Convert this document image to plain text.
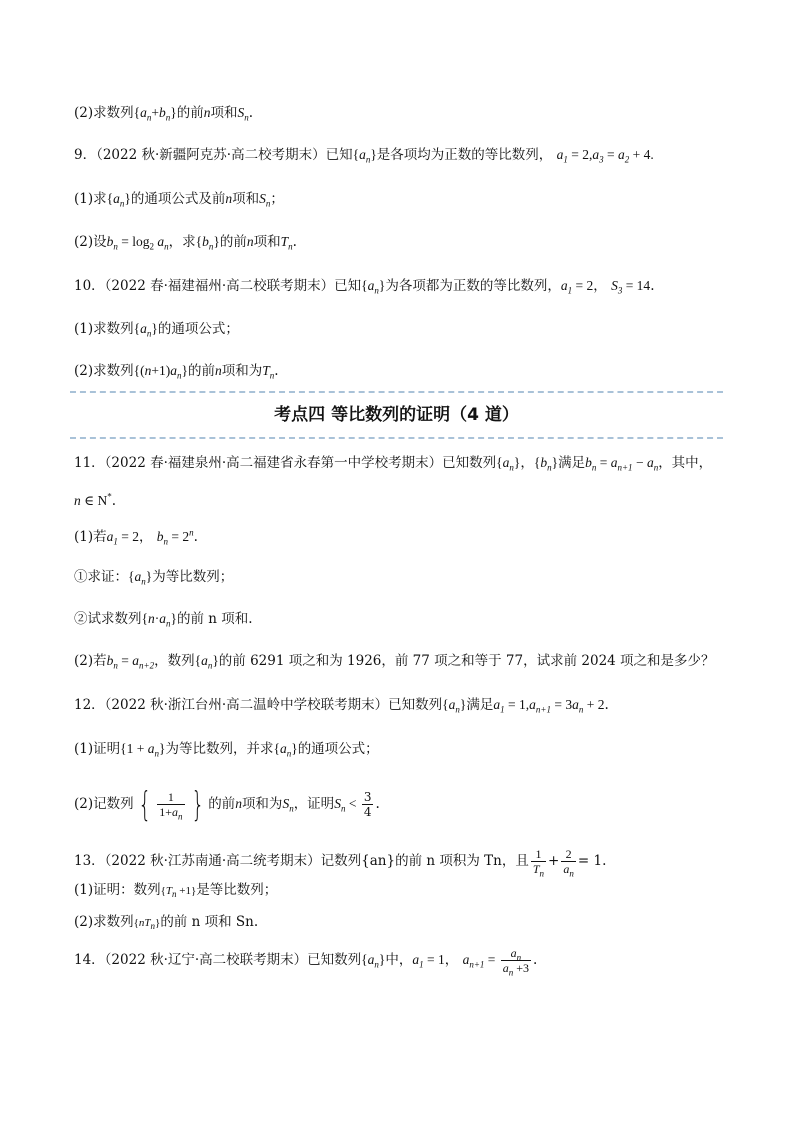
(2)求数列$\{a_n+b_n\}$的前n项和$S_n$.
9．（2022 秋·新疆阿克苏·高二校考期末）已知$\{a_n\}$是各项均为正数的等比数列， $a_1 = 2,a_3 = a_2 + 4$.
(1)求$\{a_n\}$的通项公式及前n项和$S_n$；
(2)设$b_n = \log_2 a_n$，求$\{b_n\}$的前n项和$T_n$.
10．（2022 春·福建福州·高二校联考期末）已知$\{a_n\}$为各项都为正数的等比数列，$a_1 = 2$， $S_3 = 14$.
(1)求数列$\{a_n\}$的通项公式；
(2)求数列$\{(n+1)a_n\}$的前n项和为$T_n$.
考点四 等比数列的证明（4 道）
11．（2022 春·福建泉州·高二福建省永春第一中学校考期末）已知数列$\{a_n\}$，$\{b_n\}$满足$b_n = a_{n+1} - a_n$，其中，
n ∈ N*.
(1)若$a_1 = 2$， $b_n = 2^n$.
①求证：$\{a_n\}$为等比数列；
②试求数列$\{n\cdot a_n\}$的前 n 项和.
(2)若$b_n = a_{n+2}$，数列$\{a_n\}$的前 6291 项之和为 1926，前 77 项之和等于 77，试求前 2024 项之和是多少？
12．（2022 秋·浙江台州·高二温岭中学校联考期末）已知数列$\{a_n\}$满足$a_1 = 1,a_{n+1} = 3a_n + 2$.
(1)证明$\{1 + a_n\}$为等比数列，并求$\{a_n\}$的通项公式；
(2)记数列 { $\frac{1}{1+a_n}$ } 的前n项和为$S_n$，证明$S_n < \frac{3}{4}$ .
13．（2022 秋·江苏南通·高二统考期末）记数列{an}的前 n 项积为 Tn，且 $\frac{1}{T_n} + \frac{2}{a_n} = 1$.
(1)证明：数列$\{T_n +1\}$是等比数列；
(2)求数列$\{nT_n\}$的前 n 项和 Sn.
14．（2022 秋·辽宁·高二校联考期末）已知数列$\{a_n\}$中，$a_1 = 1$， $a_{n+1} = \frac{a_n}{a_n +3}$ .
